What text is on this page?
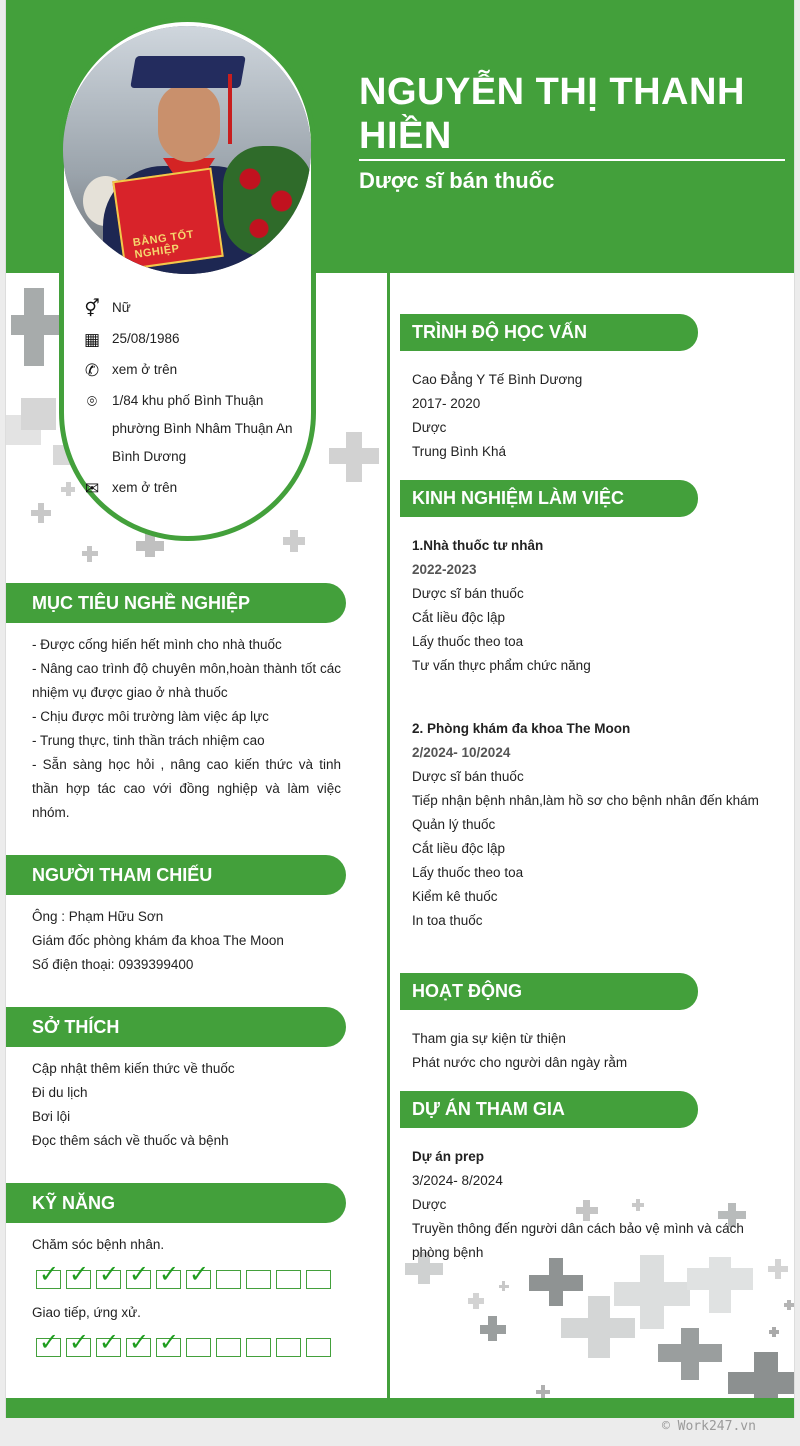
NGUYỄN THỊ THANH HIỀN
Dược sĩ bán thuốc
BẰNG TỐT NGHIỆP
⚥ Nữ
▦ 25/08/1986
✆ xem ở trên
⌾	1/84 khu phố Bình Thuận
phường Bình Nhâm Thuận An
Bình Dương
✉ xem ở trên
MỤC TIÊU NGHỀ NGHIỆP
- Được cống hiến hết mình cho nhà thuốc
- Nâng cao trình độ chuyên môn,hoàn thành tốt các nhiệm vụ được giao ở nhà thuốc
- Chịu được môi trường làm việc áp lực
- Trung thực, tinh thần trách nhiệm cao
- Sẵn sàng học hỏi , nâng cao kiến thức và tinh thần hợp tác cao với đồng nghiệp và làm việc nhóm.
NGƯỜI THAM CHIẾU
Ông : Phạm Hữu Sơn
Giám đốc phòng khám đa khoa The Moon
Số điện thoại: 0939399400
SỞ THÍCH
Cập nhật thêm kiến thức về thuốc
Đi du lịch
Bơi lội
Đọc thêm sách về thuốc và bệnh
KỸ NĂNG
Chăm sóc bệnh nhân.
✓
✓
✓
✓
✓
✓
Giao tiếp, ứng xử.
✓
✓
✓
✓
✓
TRÌNH ĐỘ HỌC VẤN
Cao Đẳng Y Tế Bình Dương
2017- 2020
Dược
Trung Bình Khá
KINH NGHIỆM LÀM VIỆC
1.Nhà thuốc tư nhân
2022-2023
Dược sĩ bán thuốc
Cắt liều độc lập
Lấy thuốc theo toa
Tư vấn thực phẩm chức năng
2. Phòng khám đa khoa The Moon
2/2024- 10/2024
Dược sĩ bán thuốc
Tiếp nhận bệnh nhân,làm hồ sơ cho bệnh nhân đến khám
Quản lý thuốc
Cắt liều độc lập
Lấy thuốc theo toa
Kiểm kê thuốc
In toa thuốc
HOẠT ĐỘNG
Tham gia sự kiện từ thiện
Phát nước cho người dân ngày rằm
DỰ ÁN THAM GIA
Dự án prep
3/2024- 8/2024
Dược
Truyền thông đến người dân cách bảo vệ mình và cách phòng bệnh
© Work247.vn
